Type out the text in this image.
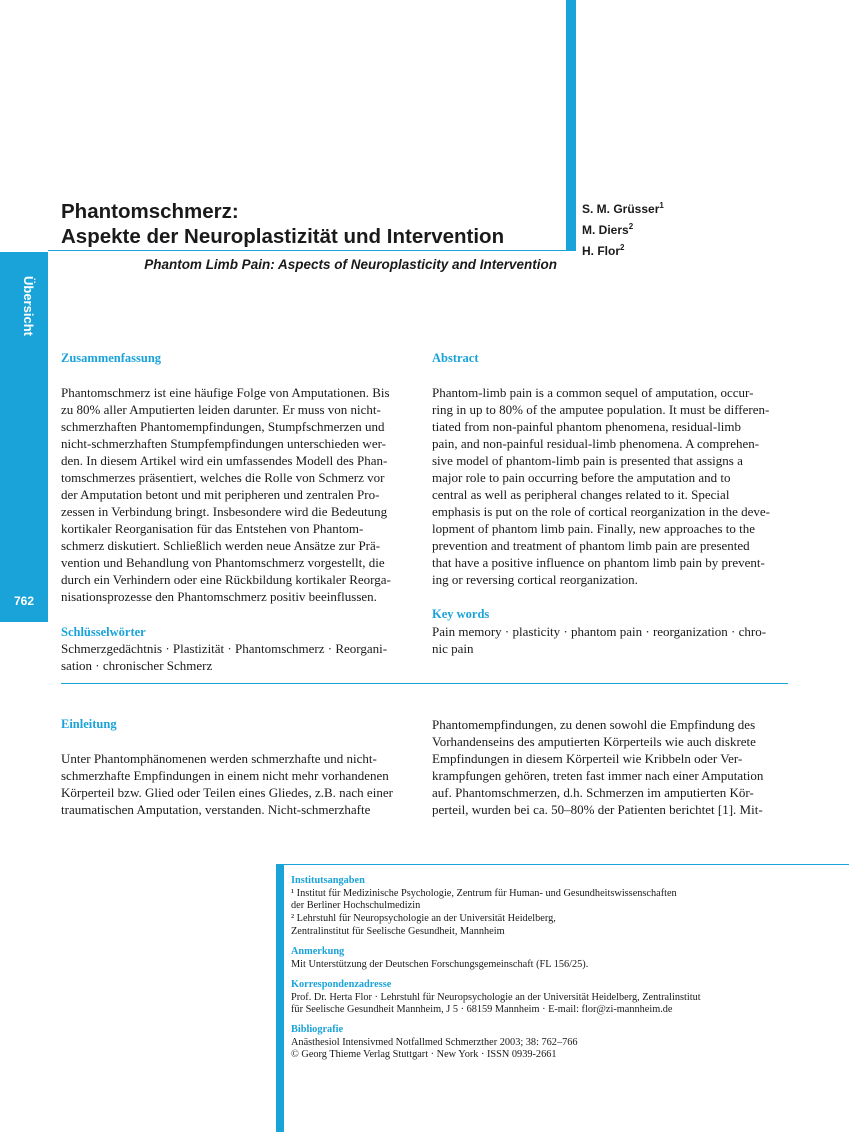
Phantomschmerz:
Aspekte der Neuroplastizität und Intervention
S. M. Grüsser$^1$
M. Diers$^2$
H. Flor$^2$
Phantom Limb Pain: Aspects of Neuroplasticity and Intervention
Übersicht
762
Zusammenfassung
Phantomschmerz ist eine häufige Folge von Amputationen. Bis
zu 80% aller Amputierten leiden darunter. Er muss von nicht-
schmerzhaften Phantomempfindungen, Stumpfschmerzen und
nicht-schmerzhaften Stumpfempfindungen unterschieden wer-
den. In diesem Artikel wird ein umfassendes Modell des Phan-
tomschmerzes präsentiert, welches die Rolle von Schmerz vor
der Amputation betont und mit peripheren und zentralen Pro-
zessen in Verbindung bringt. Insbesondere wird die Bedeutung
kortikaler Reorganisation für das Entstehen von Phantom-
schmerz diskutiert. Schließlich werden neue Ansätze zur Prä-
vention und Behandlung von Phantomschmerz vorgestellt, die
durch ein Verhindern oder eine Rückbildung kortikaler Reorga-
nisationsprozesse den Phantomschmerz positiv beeinflussen.
Schlüsselwörter
Schmerzgedächtnis · Plastizität · Phantomschmerz · Reorgani-
sation · chronischer Schmerz
Abstract
Phantom-limb pain is a common sequel of amputation, occur-
ring in up to 80% of the amputee population. It must be differen-
tiated from non-painful phantom phenomena, residual-limb
pain, and non-painful residual-limb phenomena. A comprehen-
sive model of phantom-limb pain is presented that assigns a
major role to pain occurring before the amputation and to
central as well as peripheral changes related to it. Special
emphasis is put on the role of cortical reorganization in the deve-
lopment of phantom limb pain. Finally, new approaches to the
prevention and treatment of phantom limb pain are presented
that have a positive influence on phantom limb pain by prevent-
ing or reversing cortical reorganization.
Key words
Pain memory · plasticity · phantom pain · reorganization · chro-
nic pain
Einleitung
Unter Phantomphänomenen werden schmerzhafte und nicht-
schmerzhafte Empfindungen in einem nicht mehr vorhandenen
Körperteil bzw. Glied oder Teilen eines Gliedes, z.B. nach einer
traumatischen Amputation, verstanden. Nicht-schmerzhafte
Phantomempfindungen, zu denen sowohl die Empfindung des
Vorhandenseins des amputierten Körperteils wie auch diskrete
Empfindungen in diesem Körperteil wie Kribbeln oder Ver-
krampfungen gehören, treten fast immer nach einer Amputation
auf. Phantomschmerzen, d.h. Schmerzen im amputierten Kör-
perteil, wurden bei ca. 50–80% der Patienten berichtet [1]. Mit-
Institutsangaben
¹ Institut für Medizinische Psychologie, Zentrum für Human- und Gesundheitswissenschaften
der Berliner Hochschulmedizin
² Lehrstuhl für Neuropsychologie an der Universität Heidelberg,
Zentralinstitut für Seelische Gesundheit, Mannheim
Anmerkung
Mit Unterstützung der Deutschen Forschungsgemeinschaft (FL 156/25).
Korrespondenzadresse
Prof. Dr. Herta Flor · Lehrstuhl für Neuropsychologie an der Universität Heidelberg, Zentralinstitut
für Seelische Gesundheit Mannheim, J 5 · 68159 Mannheim · E-mail: flor@zi-mannheim.de
Bibliografie
Anästhesiol Intensivmed Notfallmed Schmerzther 2003; 38: 762–766
© Georg Thieme Verlag Stuttgart · New York · ISSN 0939-2661
